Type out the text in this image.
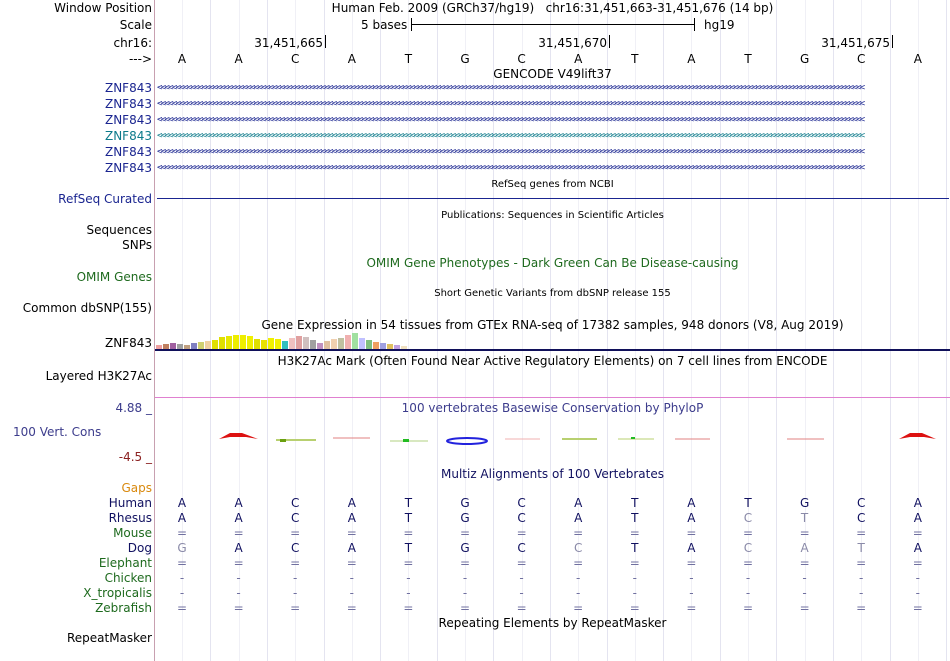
Window Position	Human Feb. 2009 (GRCh37/hg19)   chr16:31,451,663-31,451,676 (14 bp)
Scale	5 bases	hg19
chr16:	31,451,665	31,451,670	31,451,675
--->	A	A	C	A	T	G	C	A	T	A	T	G	C	A
GENCODE V49lift37
ZNF843 <<<<<<<<<<<<<<<<<<<<<<<<<<<<<<<<<<<<<<<<<<<<<<<<<<<<<<<<<<<<<<<<<<<<<<<<<<<<<<<<<<<<<<<<<<<<<<<<<<<<<<<<<<<<<<<<<<<<<<<<<<<<<<<<<<<<<<<<<<<<<<<<<<<<<<<<<<<<<<<<<<<<<<<<<<<<<<<<<<<<<<<<<<<<<<
ZNF843 <<<<<<<<<<<<<<<<<<<<<<<<<<<<<<<<<<<<<<<<<<<<<<<<<<<<<<<<<<<<<<<<<<<<<<<<<<<<<<<<<<<<<<<<<<<<<<<<<<<<<<<<<<<<<<<<<<<<<<<<<<<<<<<<<<<<<<<<<<<<<<<<<<<<<<<<<<<<<<<<<<<<<<<<<<<<<<<<<<<<<<<<<<<<<<
ZNF843 <<<<<<<<<<<<<<<<<<<<<<<<<<<<<<<<<<<<<<<<<<<<<<<<<<<<<<<<<<<<<<<<<<<<<<<<<<<<<<<<<<<<<<<<<<<<<<<<<<<<<<<<<<<<<<<<<<<<<<<<<<<<<<<<<<<<<<<<<<<<<<<<<<<<<<<<<<<<<<<<<<<<<<<<<<<<<<<<<<<<<<<<<<<<<<
ZNF843 <<<<<<<<<<<<<<<<<<<<<<<<<<<<<<<<<<<<<<<<<<<<<<<<<<<<<<<<<<<<<<<<<<<<<<<<<<<<<<<<<<<<<<<<<<<<<<<<<<<<<<<<<<<<<<<<<<<<<<<<<<<<<<<<<<<<<<<<<<<<<<<<<<<<<<<<<<<<<<<<<<<<<<<<<<<<<<<<<<<<<<<<<<<<<<
ZNF843 <<<<<<<<<<<<<<<<<<<<<<<<<<<<<<<<<<<<<<<<<<<<<<<<<<<<<<<<<<<<<<<<<<<<<<<<<<<<<<<<<<<<<<<<<<<<<<<<<<<<<<<<<<<<<<<<<<<<<<<<<<<<<<<<<<<<<<<<<<<<<<<<<<<<<<<<<<<<<<<<<<<<<<<<<<<<<<<<<<<<<<<<<<<<<<
ZNF843 <<<<<<<<<<<<<<<<<<<<<<<<<<<<<<<<<<<<<<<<<<<<<<<<<<<<<<<<<<<<<<<<<<<<<<<<<<<<<<<<<<<<<<<<<<<<<<<<<<<<<<<<<<<<<<<<<<<<<<<<<<<<<<<<<<<<<<<<<<<<<<<<<<<<<<<<<<<<<<<<<<<<<<<<<<<<<<<<<<<<<<<<<<<<<<
RefSeq Curated
RefSeq genes from NCBI
Publications: Sequences in Scientific Articles
Sequences
SNPs
OMIM Gene Phenotypes - Dark Green Can Be Disease-causing
OMIM Genes
Short Genetic Variants from dbSNP release 155
Common dbSNP(155)
Gene Expression in 54 tissues from GTEx RNA-seq of 17382 samples, 948 donors (V8, Aug 2019)
ZNF843
H3K27Ac Mark (Often Found Near Active Regulatory Elements) on 7 cell lines from ENCODE
Layered H3K27Ac
100 vertebrates Basewise Conservation by PhyloP
4.88 _
100 Vert. Cons
-4.5 _
Multiz Alignments of 100 Vertebrates
Gaps
Human	A	A	C	A	T	G	C	A	T	A	T	G	C	A
Rhesus	A	A	C	A	T	G	C	A	T	A	C	T	C	A
Mouse	=	=	=	=	=	=	=	=	=	=	=	=	=	=
Dog	G	A	C	A	T	G	C	C	T	A	C	A	T	A
Elephant	=	=	=	=	=	=	=	=	=	=	=	=	=	=
Chicken	-	-	-	-	-	-	-	-	-	-	-	-	-	-
X_tropicalis	-	-	-	-	-	-	-	-	-	-	-	-	-	-
Zebrafish	=	=	=	=	=	=	=	=	=	=	=	=	=	=
Repeating Elements by RepeatMasker
RepeatMasker
